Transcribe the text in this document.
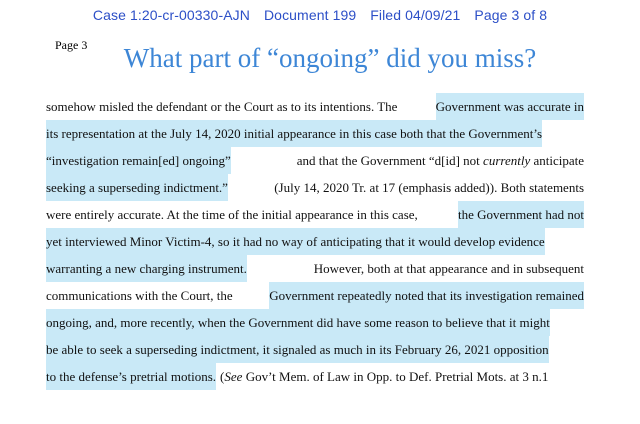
Case 1:20-cr-00330-AJN Document 199 Filed 04/09/21 Page 3 of 8
Page 3	What part of “ongoing” did you miss?
somehow misled the defendant or the Court as to its intentions. The	Government was accurate in
its representation at the July 14, 2020 initial appearance in this case both that the Government’s
“investigation remain[ed] ongoing”	and that the Government “d[id] not currently anticipate
seeking a superseding indictment.”	(July 14, 2020 Tr. at 17 (emphasis added)). Both statements
were entirely accurate. At the time of the initial appearance in this case,	the Government had not
yet interviewed Minor Victim-4, so it had no way of anticipating that it would develop evidence
warranting a new charging instrument.	However, both at that appearance and in subsequent
communications with the Court, the	Government repeatedly noted that its investigation remained
ongoing, and, more recently, when the Government did have some reason to believe that it might
be able to seek a superseding indictment, it signaled as much in its February 26, 2021 opposition
to the defense’s pretrial motions. (See Gov’t Mem. of Law in Opp. to Def. Pretrial Mots. at 3 n.1
